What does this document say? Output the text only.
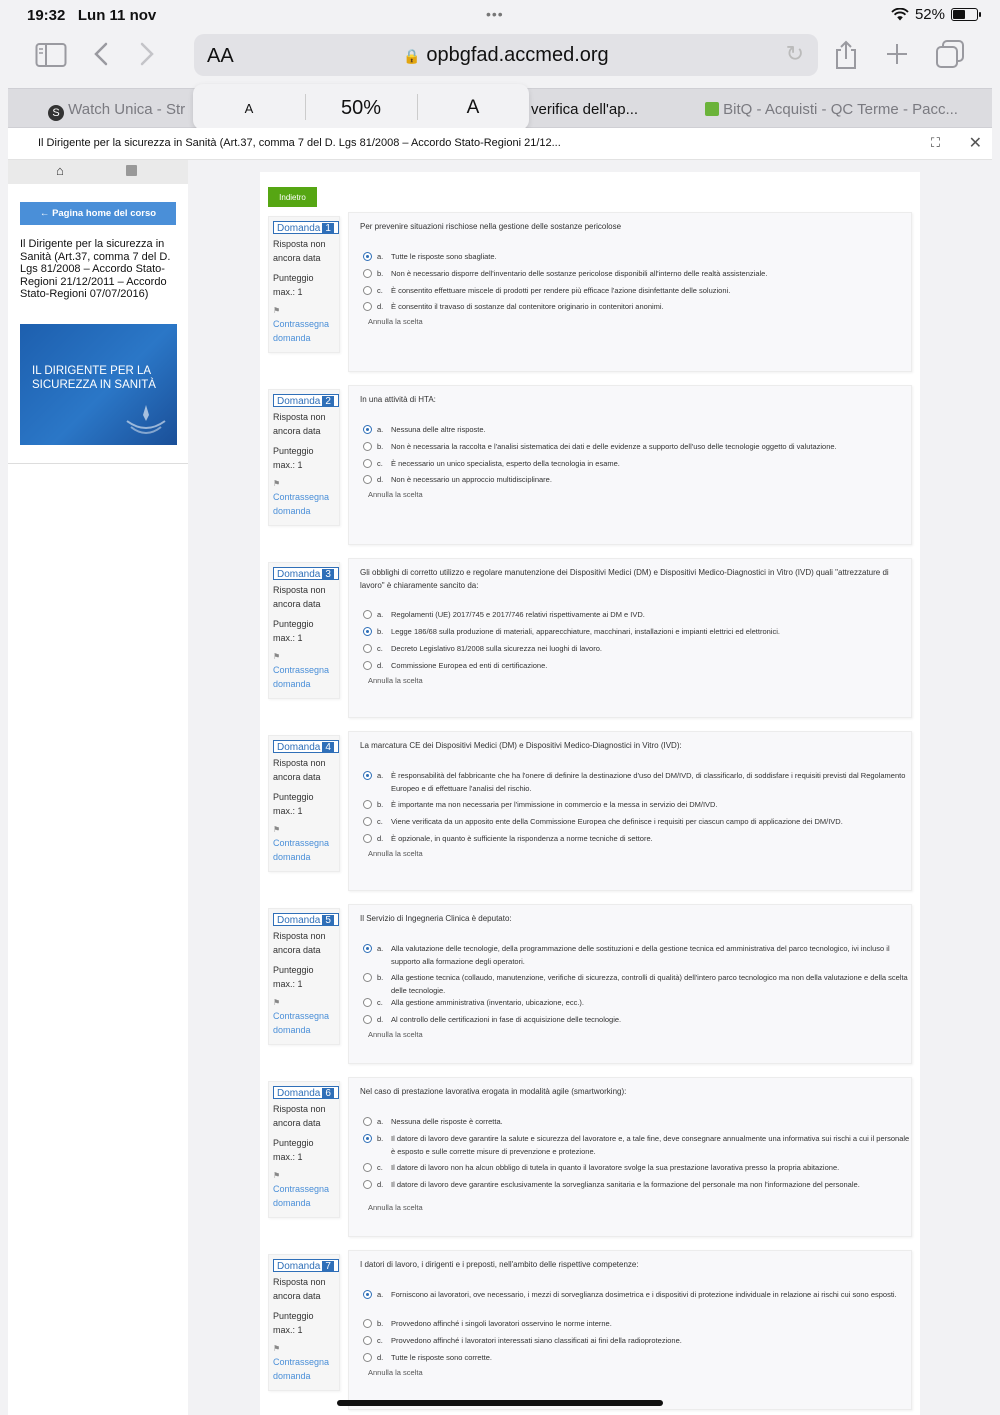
19:32 Lun 11 nov	•••	52%
AA	🔒 opbgfad.accmed.org	↻
S Watch Unica - Str	verifica dell'ap...	BitQ - Acquisti - QC Terme - Pacc...
A	50%	A
Il Dirigente per la sicurezza in Sanità (Art.37, comma 7 del D. Lgs 81/2008 – Accordo Stato-Regioni 21/12...	⛶ ✕
⌂
← Pagina home del corso
Il Dirigente per la sicurezza in Sanità (Art.37, comma 7 del D. Lgs 81/2008 – Accordo Stato-Regioni 21/12/2011 – Accordo Stato-Regioni 07/07/2016)
IL DIRIGENTE PER LA SICUREZZA IN SANITÀ
Indietro
Domanda 1
Risposta non ancora data
Punteggio max.: 1
⚑
Contrassegna domanda
Per prevenire situazioni rischiose nella gestione delle sostanze pericolose
a. Tutte le risposte sono sbagliate.
b. Non è necessario disporre dell'inventario delle sostanze pericolose disponibili all'interno delle realtà assistenziale.
c. È consentito effettuare miscele di prodotti per rendere più efficace l'azione disinfettante delle soluzioni.
d. È consentito il travaso di sostanze dal contenitore originario in contenitori anonimi.
Annulla la scelta
Domanda 2
Risposta non ancora data
Punteggio max.: 1
⚑
Contrassegna domanda
In una attività di HTA:
a. Nessuna delle altre risposte.
b. Non è necessaria la raccolta e l'analisi sistematica dei dati e delle evidenze a supporto dell'uso delle tecnologie oggetto di valutazione.
c. È necessario un unico specialista, esperto della tecnologia in esame.
d. Non è necessario un approccio multidisciplinare.
Annulla la scelta
Domanda 3
Risposta non ancora data
Punteggio max.: 1
⚑
Contrassegna domanda
Gli obblighi di corretto utilizzo e regolare manutenzione dei Dispositivi Medici (DM) e Dispositivi Medico-Diagnostici in Vitro (IVD) quali "attrezzature di lavoro" è chiaramente sancito da:
a. Regolamenti (UE) 2017/745 e 2017/746 relativi rispettivamente ai DM e IVD.
b. Legge 186/68 sulla produzione di materiali, apparecchiature, macchinari, installazioni e impianti elettrici ed elettronici.
c. Decreto Legislativo 81/2008 sulla sicurezza nei luoghi di lavoro.
d. Commissione Europea ed enti di certificazione.
Annulla la scelta
Domanda 4
Risposta non ancora data
Punteggio max.: 1
⚑
Contrassegna domanda
La marcatura CE dei Dispositivi Medici (DM) e Dispositivi Medico-Diagnostici in Vitro (IVD):
a. È responsabilità del fabbricante che ha l'onere di definire la destinazione d'uso del DM/IVD, di classificarlo, di soddisfare i requisiti previsti dal Regolamento Europeo e di effettuare l'analisi del rischio.
b. È importante ma non necessaria per l'immissione in commercio e la messa in servizio dei DM/IVD.
c. Viene verificata da un apposito ente della Commissione Europea che definisce i requisiti per ciascun campo di applicazione dei DM/IVD.
d. È opzionale, in quanto è sufficiente la rispondenza a norme tecniche di settore.
Annulla la scelta
Domanda 5
Risposta non ancora data
Punteggio max.: 1
⚑
Contrassegna domanda
Il Servizio di Ingegneria Clinica è deputato:
a. Alla valutazione delle tecnologie, della programmazione delle sostituzioni e della gestione tecnica ed amministrativa del parco tecnologico, ivi incluso il supporto alla formazione degli operatori.
b. Alla gestione tecnica (collaudo, manutenzione, verifiche di sicurezza, controlli di qualità) dell'intero parco tecnologico ma non della valutazione e della scelta delle tecnologie.
c. Alla gestione amministrativa (inventario, ubicazione, ecc.).
d. Al controllo delle certificazioni in fase di acquisizione delle tecnologie.
Annulla la scelta
Domanda 6
Risposta non ancora data
Punteggio max.: 1
⚑
Contrassegna domanda
Nel caso di prestazione lavorativa erogata in modalità agile (smartworking):
a. Nessuna delle risposte è corretta.
b. Il datore di lavoro deve garantire la salute e sicurezza del lavoratore e, a tale fine, deve consegnare annualmente una informativa sui rischi a cui il personale è esposto e sulle corrette misure di prevenzione e protezione.
c. Il datore di lavoro non ha alcun obbligo di tutela in quanto il lavoratore svolge la sua prestazione lavorativa presso la propria abitazione.
d. Il datore di lavoro deve garantire esclusivamente la sorveglianza sanitaria e la formazione del personale ma non l'informazione del personale.
Annulla la scelta
Domanda 7
Risposta non ancora data
Punteggio max.: 1
⚑
Contrassegna domanda
I datori di lavoro, i dirigenti e i preposti, nell'ambito delle rispettive competenze:
a. Forniscono ai lavoratori, ove necessario, i mezzi di sorveglianza dosimetrica e i dispositivi di protezione individuale in relazione ai rischi cui sono esposti.
b. Provvedono affinché i singoli lavoratori osservino le norme interne.
c. Provvedono affinché i lavoratori interessati siano classificati ai fini della radioprotezione.
d. Tutte le risposte sono corrette.
Annulla la scelta
